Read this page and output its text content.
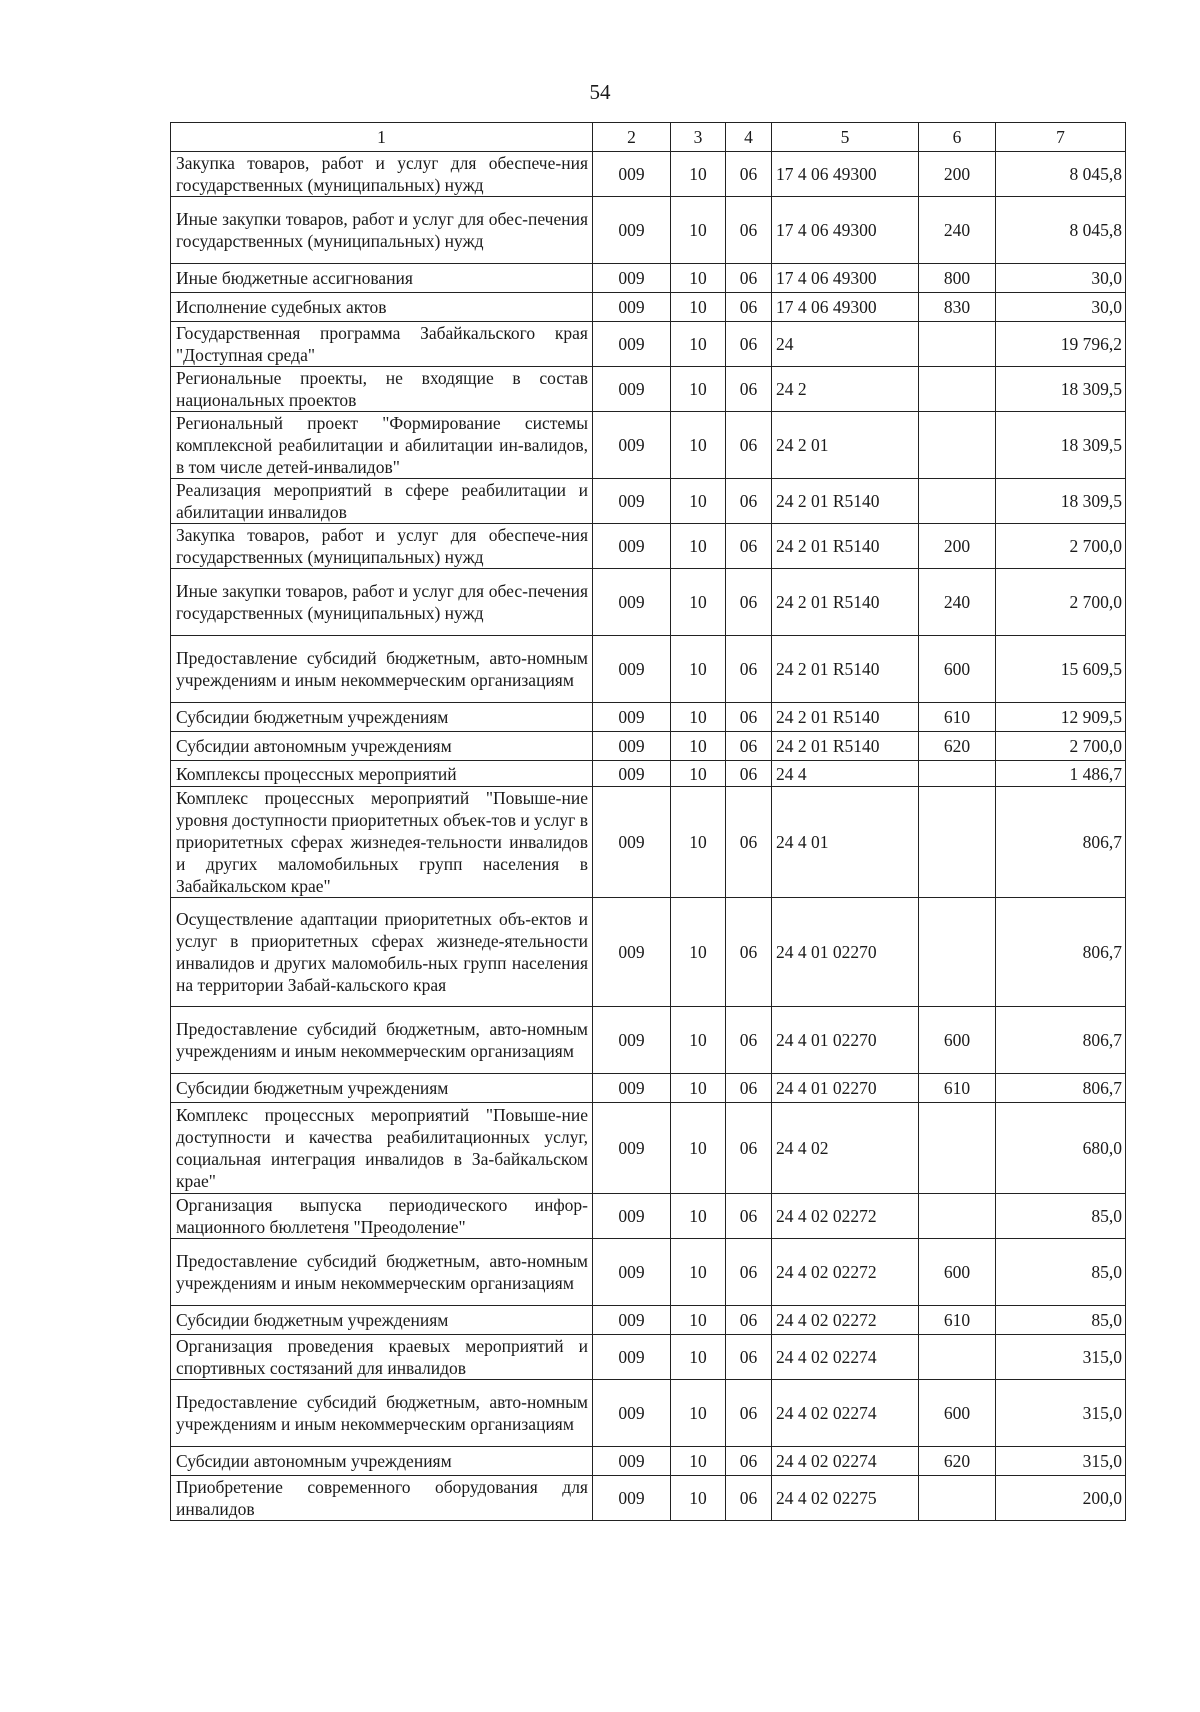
54
1	2	3	4	5	6	7
Закупка товаров, работ и услуг для обеспече-ния государственных (муниципальных) нужд	009	10	06	17 4 06 49300	200	8 045,8
Иные закупки товаров, работ и услуг для обес-печения государственных (муниципальных) нужд	009	10	06	17 4 06 49300	240	8 045,8
Иные бюджетные ассигнования	009	10	06	17 4 06 49300	800	30,0
Исполнение судебных актов	009	10	06	17 4 06 49300	830	30,0
Государственная программа Забайкальского края "Доступная среда"	009	10	06	24		19 796,2
Региональные проекты, не входящие в состав национальных проектов	009	10	06	24 2		18 309,5
Региональный проект "Формирование системы комплексной реабилитации и абилитации ин-валидов, в том числе детей-инвалидов"	009	10	06	24 2 01		18 309,5
Реализация мероприятий в сфере реабилитации и абилитации инвалидов	009	10	06	24 2 01 R5140		18 309,5
Закупка товаров, работ и услуг для обеспече-ния государственных (муниципальных) нужд	009	10	06	24 2 01 R5140	200	2 700,0
Иные закупки товаров, работ и услуг для обес-печения государственных (муниципальных) нужд	009	10	06	24 2 01 R5140	240	2 700,0
Предоставление субсидий бюджетным, авто-номным учреждениям и иным некоммерческим организациям	009	10	06	24 2 01 R5140	600	15 609,5
Субсидии бюджетным учреждениям	009	10	06	24 2 01 R5140	610	12 909,5
Субсидии автономным учреждениям	009	10	06	24 2 01 R5140	620	2 700,0
Комплексы процессных мероприятий	009	10	06	24 4		1 486,7
Комплекс процессных мероприятий "Повыше-ние уровня доступности приоритетных объек-тов и услуг в приоритетных сферах жизнедея-тельности инвалидов и других маломобильных групп населения в Забайкальском крае"	009	10	06	24 4 01		806,7
Осуществление адаптации приоритетных объ-ектов и услуг в приоритетных сферах жизнеде-ятельности инвалидов и других маломобиль-ных групп населения на территории Забай-кальского края	009	10	06	24 4 01 02270		806,7
Предоставление субсидий бюджетным, авто-номным учреждениям и иным некоммерческим организациям	009	10	06	24 4 01 02270	600	806,7
Субсидии бюджетным учреждениям	009	10	06	24 4 01 02270	610	806,7
Комплекс процессных мероприятий "Повыше-ние доступности и качества реабилитационных услуг, социальная интеграция инвалидов в За-байкальском крае"	009	10	06	24 4 02		680,0
Организация выпуска периодического инфор-мационного бюллетеня "Преодоление"	009	10	06	24 4 02 02272		85,0
Предоставление субсидий бюджетным, авто-номным учреждениям и иным некоммерческим организациям	009	10	06	24 4 02 02272	600	85,0
Субсидии бюджетным учреждениям	009	10	06	24 4 02 02272	610	85,0
Организация проведения краевых мероприятий и спортивных состязаний для инвалидов	009	10	06	24 4 02 02274		315,0
Предоставление субсидий бюджетным, авто-номным учреждениям и иным некоммерческим организациям	009	10	06	24 4 02 02274	600	315,0
Субсидии автономным учреждениям	009	10	06	24 4 02 02274	620	315,0
Приобретение современного оборудования для инвалидов	009	10	06	24 4 02 02275		200,0
